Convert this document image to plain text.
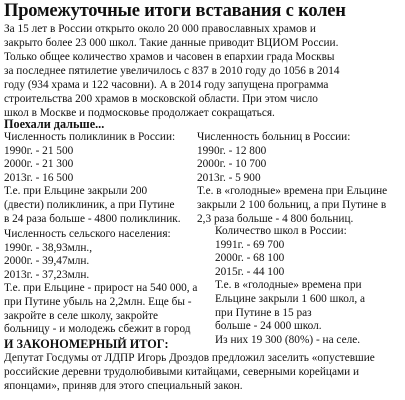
Промежуточные итоги вставания с колен
За 15 лет в России открыто около 20 000 православных храмов и
закрыто более 23 000 школ. Такие данные приводит ВЦИОМ России.
Только общее количество храмов и часовен в епархии града Москвы
за последнее пятилетие увеличилось с 837 в 2010 году до 1056 в 2014
году (934 храма и 122 часовни). А в 2014 году запущена программа
строительства 200 храмов в московской области. При этом число
школ в Москве и подмосковье продолжает сокращаться.
Поехали дальше...
Численность поликлиник в России:
1990г. - 21 500
2000г. - 21 300
2013г. - 16 500
Т.е. при Ельцине закрыли 200
(двести) поликлиник, а при Путине
в 24 раза больше - 4800 поликлиник.
Численность больниц в России:
1990г. - 12 800
2000г. - 10 700
2013г. - 5 900
Т.е. в «голодные» времена при Ельцине
закрыли 2 100 больниц, а при Путине в
2,3 раза больше - 4 800 больниц.
Численность сельского населения:
1990г. - 38,93млн.,
2000г. - 39,47млн.
2013г. - 37,23млн.
Т.е. при Ельцине - прирост на 540 000, а
при Путине убыль на 2,2млн. Еще бы -
закройте в селе школу, закройте
больницу - и молодежь сбежит в город
Количество школ в России:
1991г. - 69 700
2000г. - 68 100
2015г. - 44 100
Т.е. в «голодные» времена при
Ельцине закрыли 1 600 школ, а
при Путине в 15 раз
больше - 24 000 школ.
Из них 19 300 (80%) - на селе.
И ЗАКОНОМЕРНЫЙ ИТОГ:
Депутат Госдумы от ЛДПР Игорь Дроздов предложил заселить «опустевшие
российские деревни трудолюбивыми китайцами, северными корейцами и
японцами», приняв для этого специальный закон.
